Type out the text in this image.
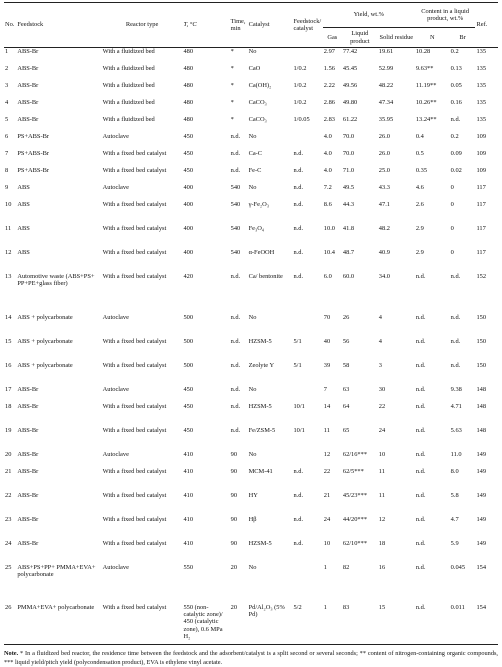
No.	Feedstock	Reactor type	T, °C	Time, min	Catalyst	Feedstock/ catalyst	Yield, wt.%			Content in a liquid product, wt.%		Ref.
							Gas	Liquid product	Solid residue	N	Br	
1	ABS-Br	With a fluidized bed	480	*	No		2.97	77.42	19.61	10.28	0.2	135
2	ABS-Br	With a fluidized bed	480	*	CaO	1/0.2	1.56	45.45	52.99	9.63**	0.13	135
3	ABS-Br	With a fluidized bed	480	*	Ca(OH)₂	1/0.2	2.22	49.56	48.22	11.19**	0.05	135
4	ABS-Br	With a fluidized bed	480	*	CaCO₃	1/0.2	2.86	49.80	47.34	10.26**	0.16	135
5	ABS-Br	With a fluidized bed	480	*	CaCO₃	1/0.05	2.83	61.22	35.95	13.24**	n.d.	135
6	PS+ABS-Br	Autoclave	450	n.d.	No		4.0	70.0	26.0	0.4	0.2	109
7	PS+ABS-Br	With a fixed bed catalyst	450	n.d.	Ca-C	n.d.	4.0	70.0	26.0	0.5	0.09	109
8	PS+ABS-Br	With a fixed bed catalyst	450	n.d.	Fe-C	n.d.	4.0	71.0	25.0	0.35	0.02	109
9	ABS	Autoclave	400	540	No	n.d.	7.2	49.5	43.3	4.6	0	117
10	ABS	With a fixed bed catalyst	400	540	γ-Fe₂O₃	n.d.	8.6	44.3	47.1	2.6	0	117
11	ABS	With a fixed bed catalyst	400	540	Fe₃O₄	n.d.	10.0	41.8	48.2	2.9	0	117
12	ABS	With a fixed bed catalyst	400	540	α-FeOOH	n.d.	10.4	48.7	40.9	2.9	0	117
13	Automotive waste (ABS+PS+ PP+PE+glass fiber)	With a fixed bed catalyst	420	n.d.	Ca/ bentonite	n.d.	6.0	60.0	34.0	n.d.	n.d.	152
14	ABS + polycarbonate	Autoclave	500	n.d.	No		70	26	4	n.d.	n.d.	150
15	ABS + polycarbonate	With a fixed bed catalyst	500	n.d.	HZSM-5	5/1	40	56	4	n.d.	n.d.	150
16	ABS + polycarbonate	With a fixed bed catalyst	500	n.d.	Zeolyte Y	5/1	39	58	3	n.d.	n.d.	150
17	ABS-Br	Autoclave	450	n.d.	No		7	63	30	n.d.	9.38	148
18	ABS-Br	With a fixed bed catalyst	450	n.d.	HZSM-5	10/1	14	64	22	n.d.	4.71	148
19	ABS-Br	With a fixed bed catalyst	450	n.d.	Fe/ZSM-5	10/1	11	65	24	n.d.	5.63	148
20	ABS-Br	Autoclave	410	90	No		12	62/16***	10	n.d.	11.0	149
21	ABS-Br	With a fixed bed catalyst	410	90	MCM-41	n.d.	22	62/5***	11	n.d.	8.0	149
22	ABS-Br	With a fixed bed catalyst	410	90	HY	n.d.	21	45/23***	11	n.d.	5.8	149
23	ABS-Br	With a fixed bed catalyst	410	90	Hβ	n.d.	24	44/20***	12	n.d.	4.7	149
24	ABS-Br	With a fixed bed catalyst	410	90	HZSM-5	n.d.	10	62/10***	18	n.d.	5.9	149
25	ABS+PS+PP+ PMMA+EVA+ polycarbonate	Autoclave	550	20	No		1	82	16	n.d.	0.045	154
26	PMMA+EVA+ polycarbonate	With a fixed bed catalyst	550 (non-catalytic zone)/ 450 (catalytic zone), 0.6 MPa H₂	20	Pd/Al₂O₃ (5% Pd)	5/2	1	83	15	n.d.	0.011	154

Note. * In a fluidized bed reactor, the residence time between the feedstock and the adsorbent/catalyst is a split second or several seconds; ** content of nitrogen-containing organic compounds, *** liquid yield/pitch yield (polycondensation product), EVA is ethylene vinyl acetate.
